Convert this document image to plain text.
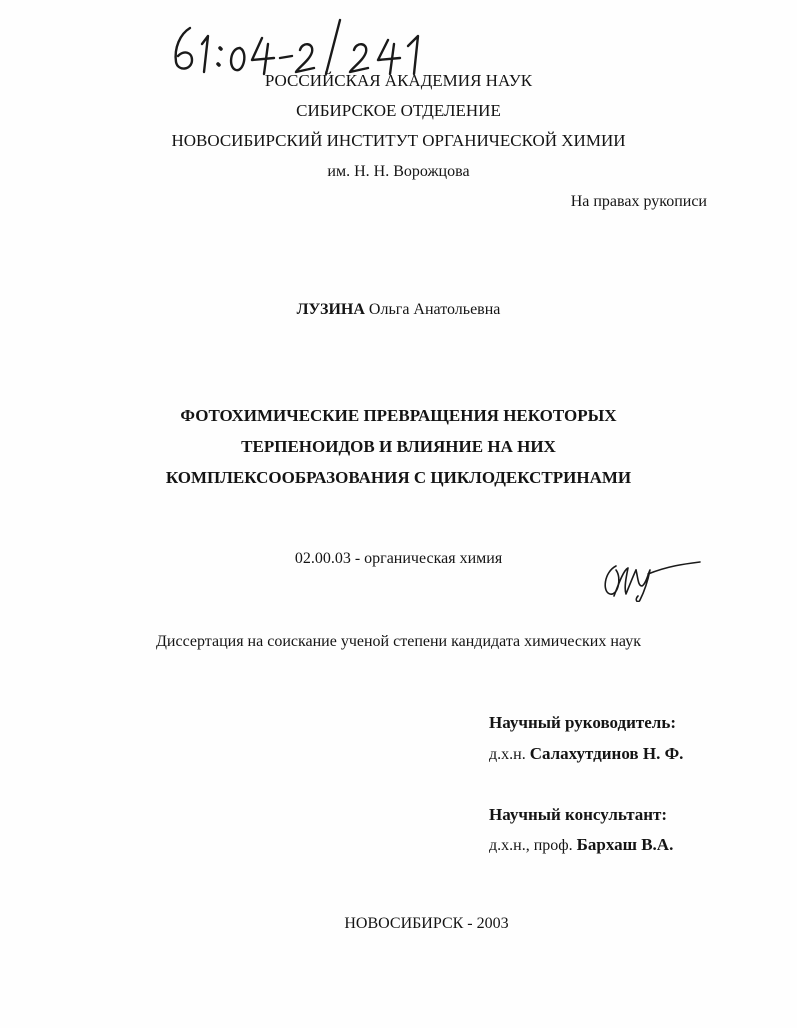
РОССИЙСКАЯ АКАДЕМИЯ НАУК
СИБИРСКОЕ ОТДЕЛЕНИЕ
НОВОСИБИРСКИЙ ИНСТИТУТ ОРГАНИЧЕСКОЙ ХИМИИ
им. Н. Н. Ворожцова
На правах рукописи
ЛУЗИНА Ольга Анатольевна
ФОТОХИМИЧЕСКИЕ ПРЕВРАЩЕНИЯ НЕКОТОРЫХ
ТЕРПЕНОИДОВ И ВЛИЯНИЕ НА НИХ
КОМПЛЕКСООБРАЗОВАНИЯ С ЦИКЛОДЕКСТРИНАМИ
02.00.03 - органическая химия
Диссертация на соискание ученой степени кандидата химических наук
Научный руководитель:
д.х.н. Салахутдинов Н. Ф.
Научный консультант:
д.х.н., проф. Бархаш В.А.
НОВОСИБИРСК - 2003
